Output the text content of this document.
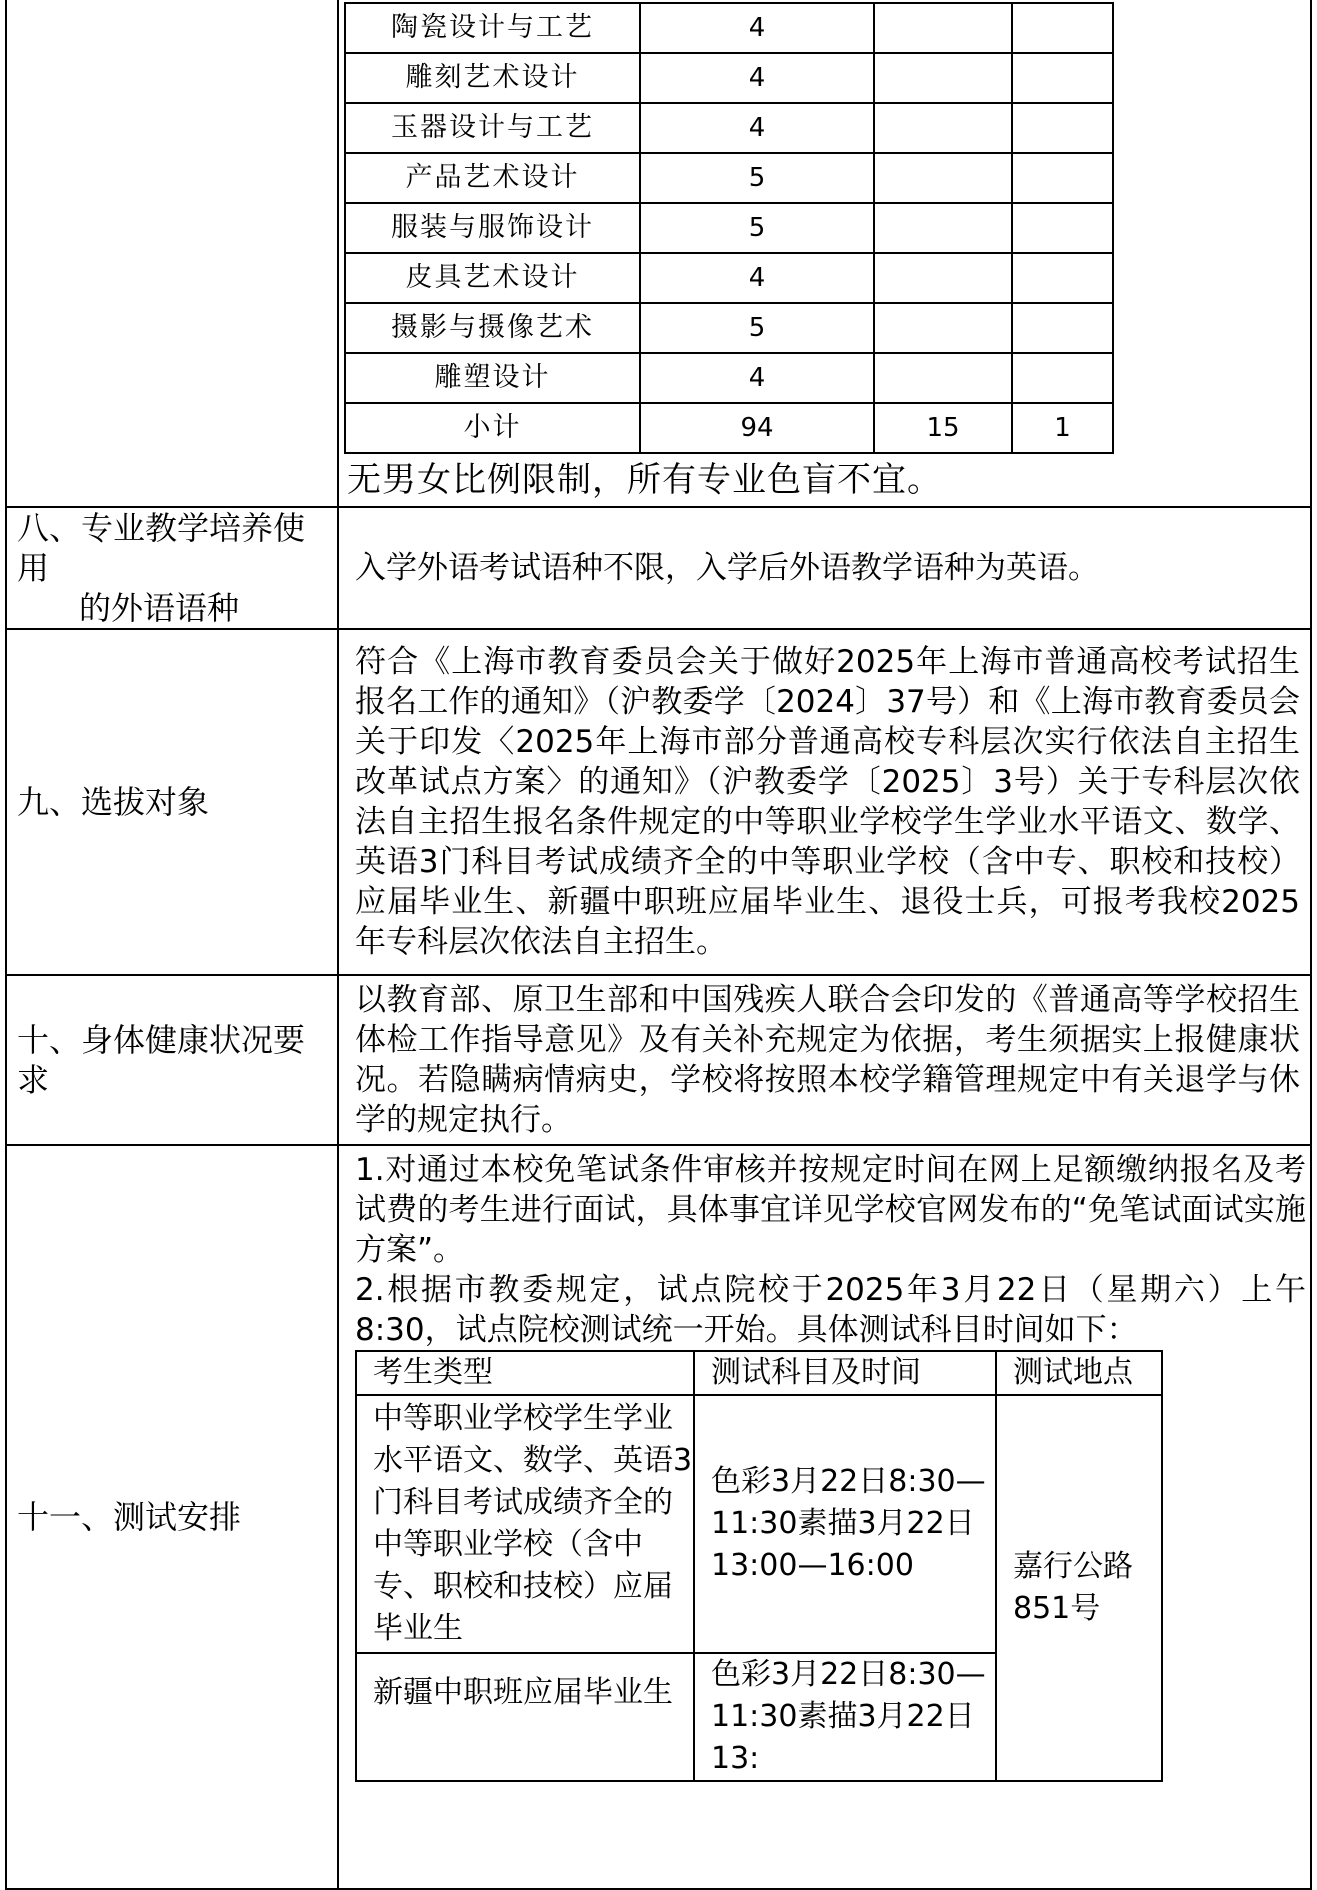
陶瓷设计与工艺	4		
雕刻艺术设计	4		
玉器设计与工艺	4		
产品艺术设计	5		
服装与服饰设计	5		
皮具艺术设计	4		
摄影与摄像艺术	5		
雕塑设计	4		
小计	94	15	1
无男女比例限制，所有专业色盲不宜。

八、专业教学培养使用
的外语语种
	入学外语考试语种不限，入学后外语教学语种为英语。
九、选拔对象	符合《上海市教育委员会关于做好2025年上海市普通高校考试招生报名工作的通知》（沪教委学〔2024〕37号）和《上海市教育委员会关于印发〈2025年上海市部分普通高校专科层次实行依法自主招生改革试点方案〉的通知》（沪教委学〔2025〕3号）关于专科层次依法自主招生报名条件规定的中等职业学校学生学业水平语文、数学、英语3门科目考试成绩齐全的中等职业学校（含中专、职校和技校）应届毕业生、新疆中职班应届毕业生、退役士兵，可报考我校2025年专科层次依法自主招生。
十、身体健康状况要求	以教育部、原卫生部和中国残疾人联合会印发的《普通高等学校招生体检工作指导意见》及有关补充规定为依据，考生须据实上报健康状况。若隐瞒病情病史，学校将按照本校学籍管理规定中有关退学与休学的规定执行。
十一、测试安排	
1.对通过本校免笔试条件审核并按规定时间在网上足额缴纳报名及考试费的考生进行面试，具体事宜详见学校官网发布的“免笔试面试实施方案”。
2.根据市教委规定，试点院校于2025年3月22日（星期六）上午8:30，试点院校测试统一开始。具体测试科目时间如下：
考生类型	测试科目及时间	测试地点
中等职业学校学生学业水平语文、数学、英语3门科目考试成绩齐全的中等职业学校（含中专、职校和技校）应届毕业生	色彩3月22日8:30—11:30素描3月22日13:00—16:00	嘉行公路851号
新疆中职班应届毕业生	色彩3月22日8:30—11:30素描3月22日13:
